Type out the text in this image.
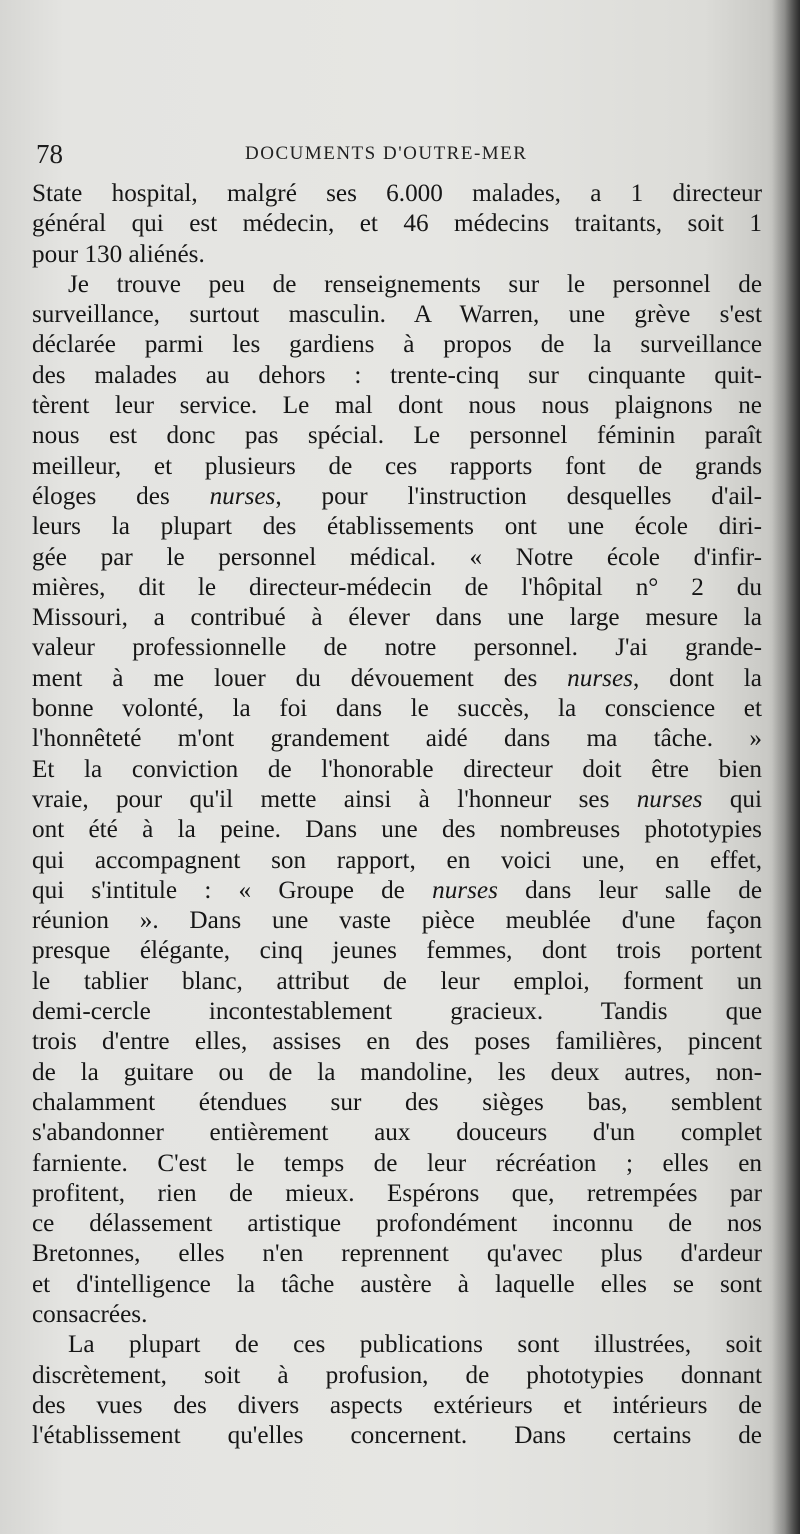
78	DOCUMENTS D'OUTRE-MER
State hospital, malgré ses 6.000 malades, a 1 directeur
général qui est médecin, et 46 médecins traitants, soit 1
pour 130 aliénés.
Je trouve peu de renseignements sur le personnel de
surveillance, surtout masculin. A Warren, une grève s'est
déclarée parmi les gardiens à propos de la surveillance
des malades au dehors : trente-cinq sur cinquante quit-
tèrent leur service. Le mal dont nous nous plaignons ne
nous est donc pas spécial. Le personnel féminin paraît
meilleur, et plusieurs de ces rapports font de grands
éloges des nurses, pour l'instruction desquelles d'ail-
leurs la plupart des établissements ont une école diri-
gée par le personnel médical. « Notre école d'infir-
mières, dit le directeur-médecin de l'hôpital n° 2 du
Missouri, a contribué à élever dans une large mesure la
valeur professionnelle de notre personnel. J'ai grande-
ment à me louer du dévouement des nurses, dont la
bonne volonté, la foi dans le succès, la conscience et
l'honnêteté m'ont grandement aidé dans ma tâche. »
Et la conviction de l'honorable directeur doit être bien
vraie, pour qu'il mette ainsi à l'honneur ses nurses qui
ont été à la peine. Dans une des nombreuses phototypies
qui accompagnent son rapport, en voici une, en effet,
qui s'intitule : « Groupe de nurses dans leur salle de
réunion ». Dans une vaste pièce meublée d'une façon
presque élégante, cinq jeunes femmes, dont trois portent
le tablier blanc, attribut de leur emploi, forment un
demi-cercle incontestablement gracieux. Tandis que
trois d'entre elles, assises en des poses familières, pincent
de la guitare ou de la mandoline, les deux autres, non-
chalamment étendues sur des sièges bas, semblent
s'abandonner entièrement aux douceurs d'un complet
farniente. C'est le temps de leur récréation ; elles en
profitent, rien de mieux. Espérons que, retrempées par
ce délassement artistique profondément inconnu de nos
Bretonnes, elles n'en reprennent qu'avec plus d'ardeur
et d'intelligence la tâche austère à laquelle elles se sont
consacrées.
La plupart de ces publications sont illustrées, soit
discrètement, soit à profusion, de phototypies donnant
des vues des divers aspects extérieurs et intérieurs de
l'établissement qu'elles concernent. Dans certains de
